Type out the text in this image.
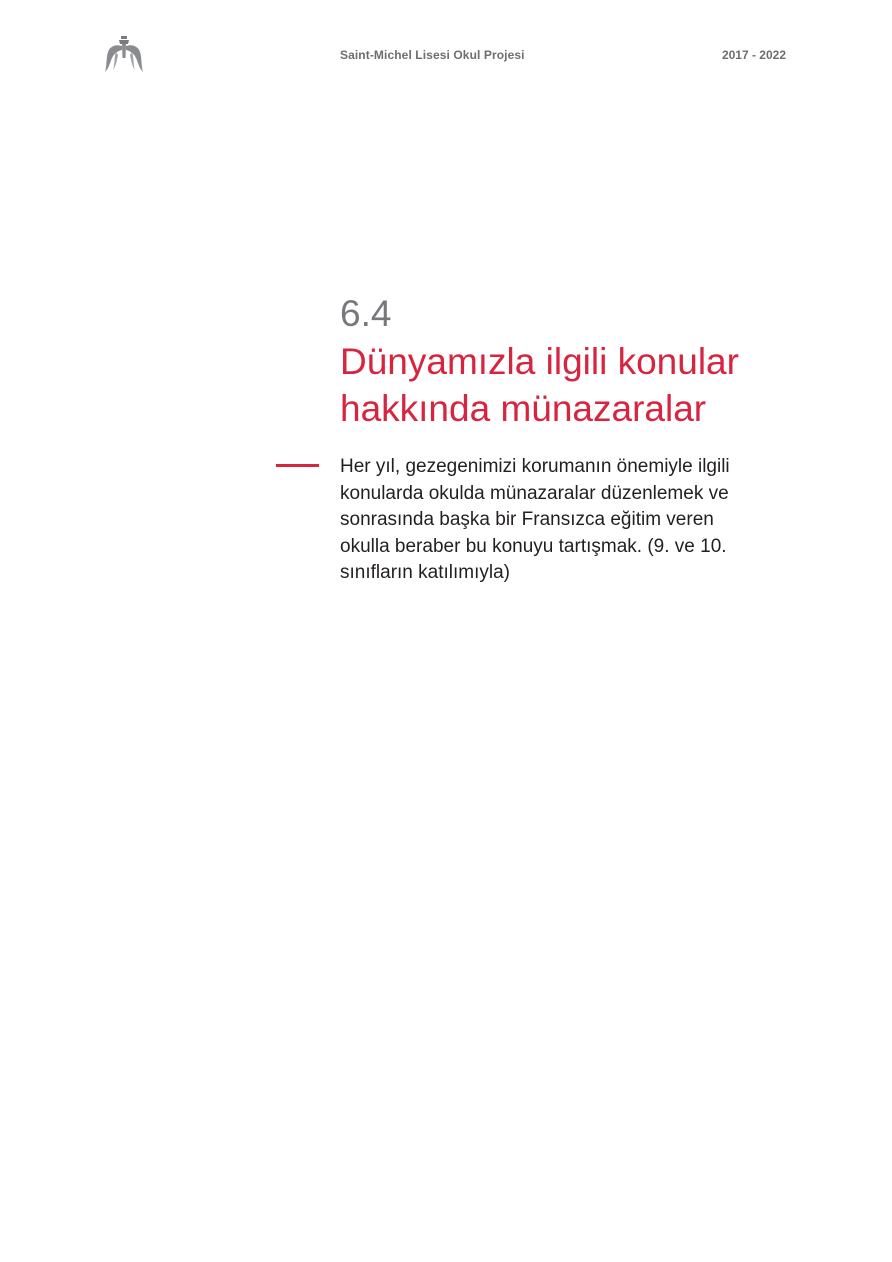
Saint-Michel Lisesi Okul Projesi	2017 - 2022
6.4
Dünyamızla ilgili konular
hakkında münazaralar
Her yıl, gezegenimizi korumanın önemiyle ilgili
konularda okulda münazaralar düzenlemek ve
sonrasında başka bir Fransızca eğitim veren
okulla beraber bu konuyu tartışmak. (9. ve 10.
sınıfların katılımıyla)
